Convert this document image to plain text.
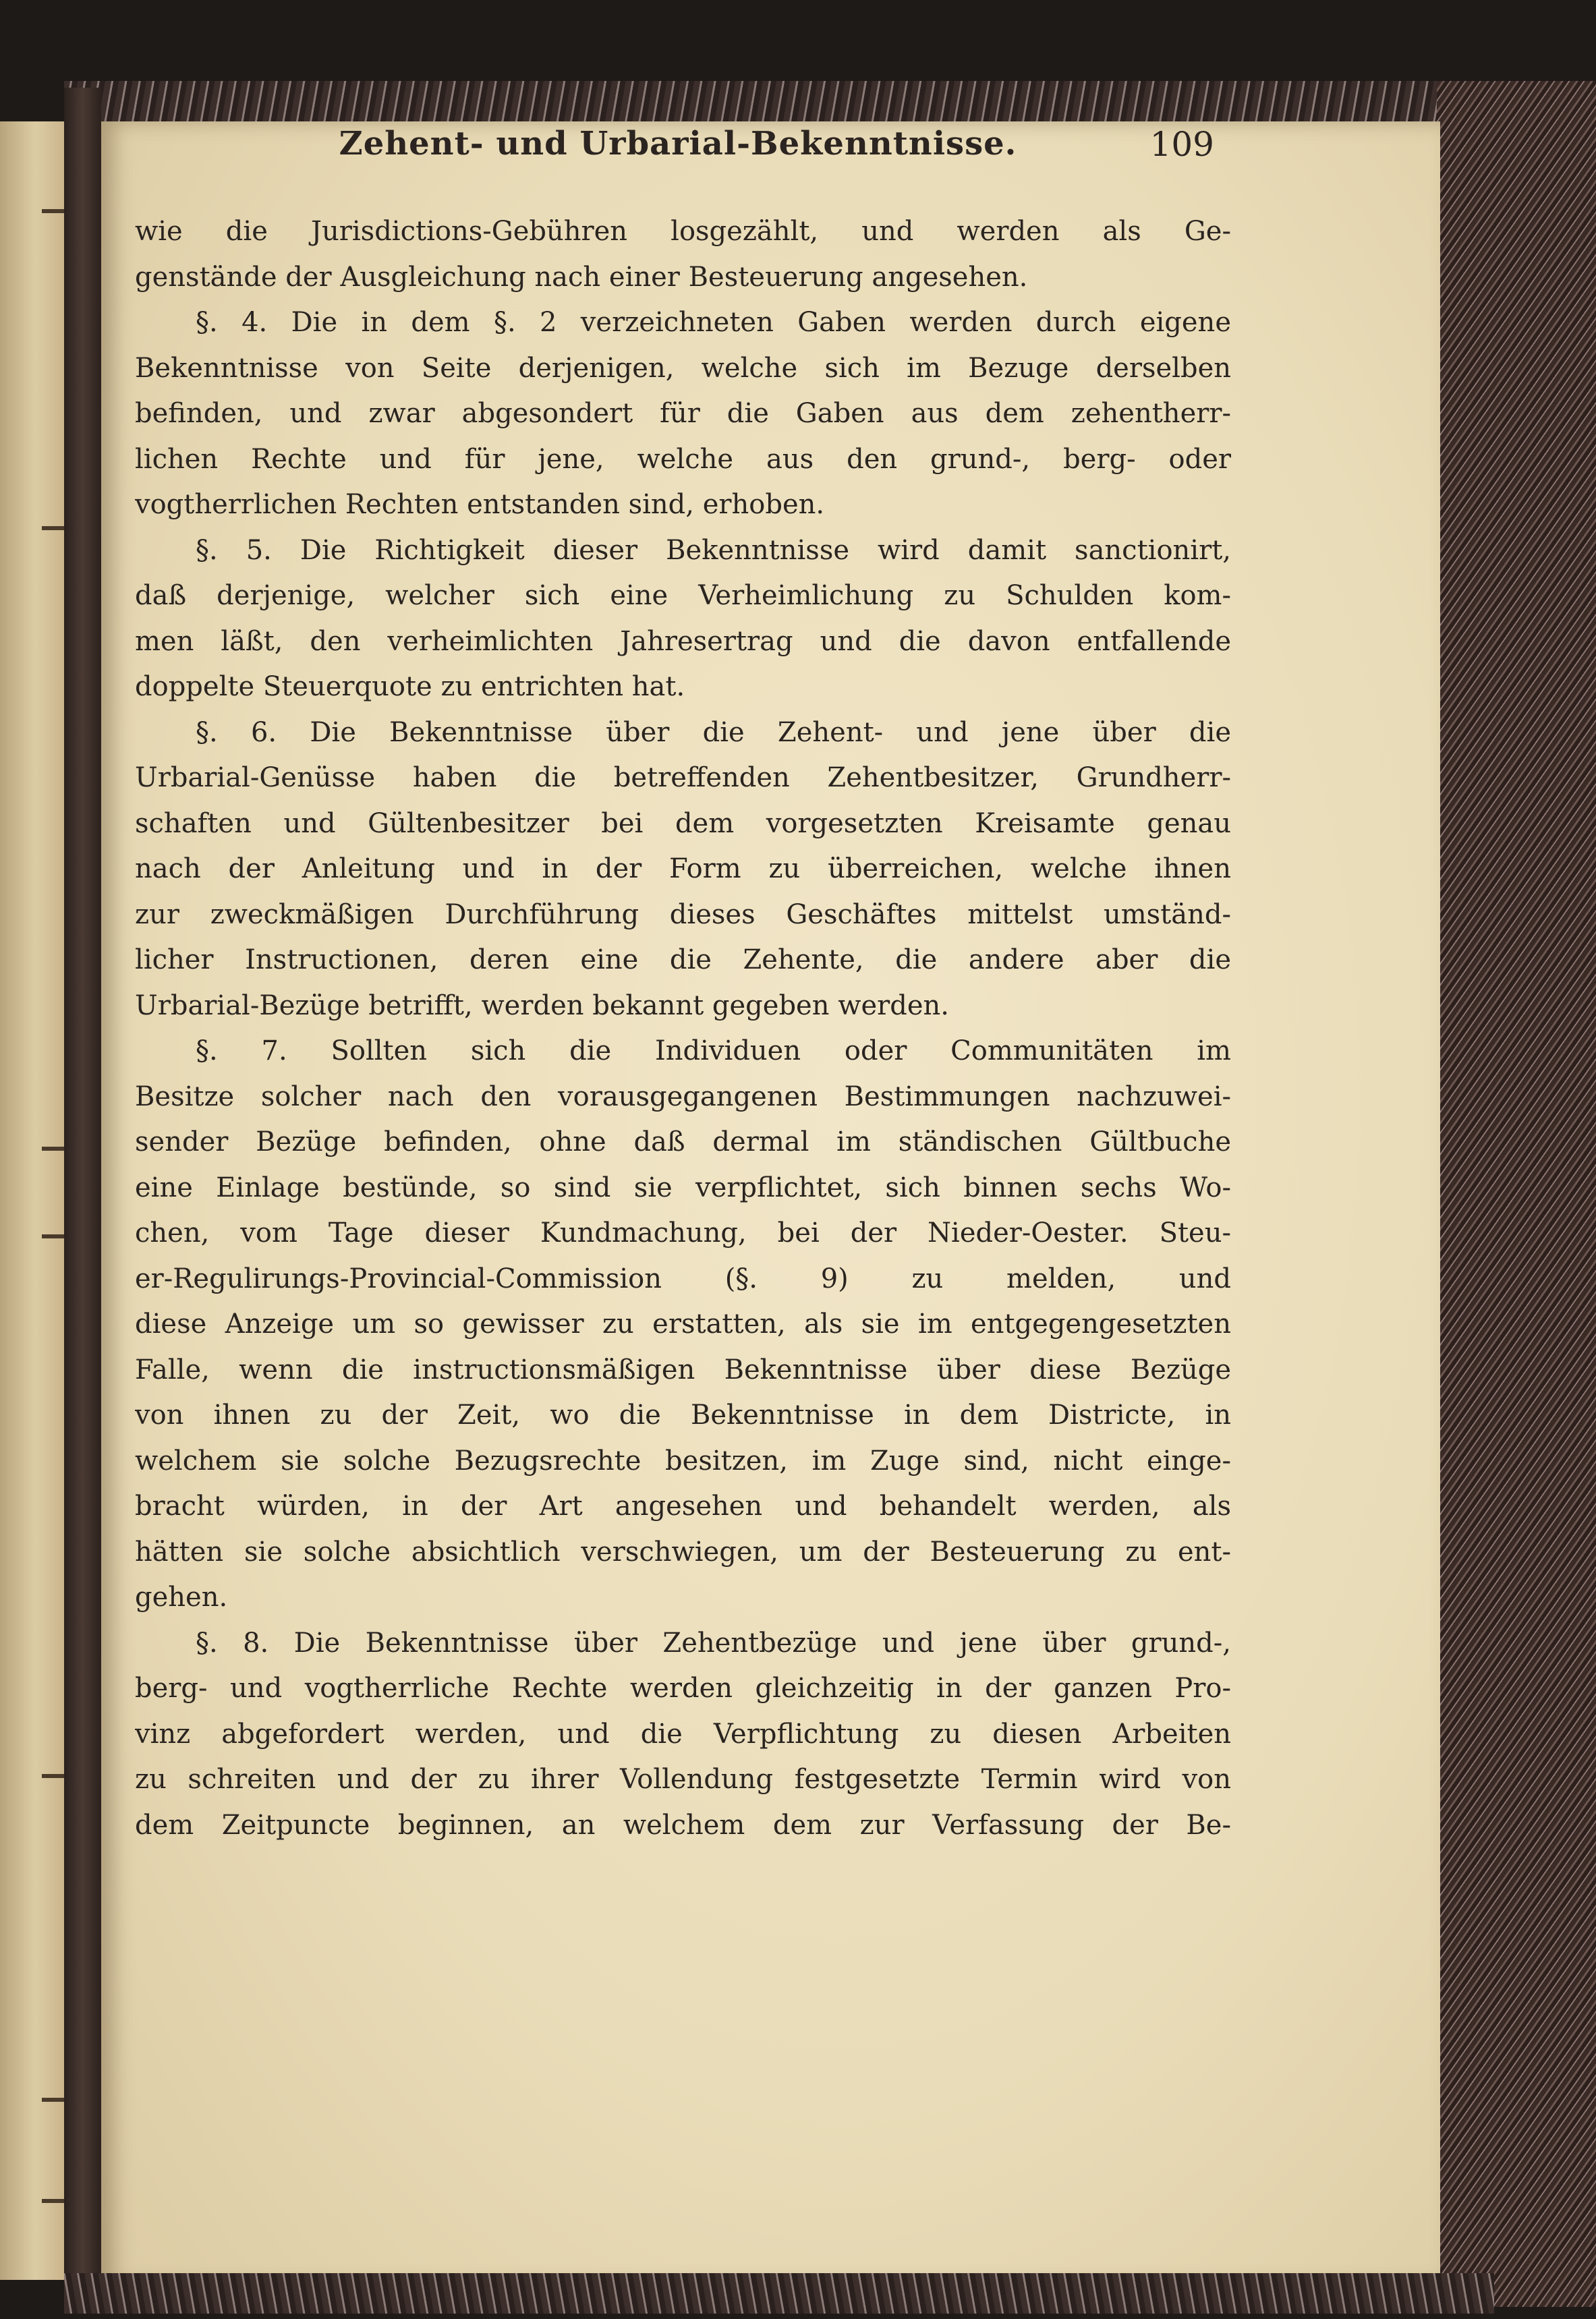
Zehent- und Urbarial-Bekenntnisse.	109
wie die Jurisdictions-Gebühren losgezählt, und werden als Ge-
genstände der Ausgleichung nach einer Besteuerung angesehen.
§. 4. Die in dem §. 2 verzeichneten Gaben werden durch eigene
Bekenntnisse von Seite derjenigen, welche sich im Bezuge derselben
befinden, und zwar abgesondert für die Gaben aus dem zehentherr-
lichen Rechte und für jene, welche aus den grund-, berg- oder
vogtherrlichen Rechten entstanden sind, erhoben.
§. 5. Die Richtigkeit dieser Bekenntnisse wird damit sanctionirt,
daß derjenige, welcher sich eine Verheimlichung zu Schulden kom-
men läßt, den verheimlichten Jahresertrag und die davon entfallende
doppelte Steuerquote zu entrichten hat.
§. 6. Die Bekenntnisse über die Zehent- und jene über die
Urbarial-Genüsse haben die betreffenden Zehentbesitzer, Grundherr-
schaften und Gültenbesitzer bei dem vorgesetzten Kreisamte genau
nach der Anleitung und in der Form zu überreichen, welche ihnen
zur zweckmäßigen Durchführung dieses Geschäftes mittelst umständ-
licher Instructionen, deren eine die Zehente, die andere aber die
Urbarial-Bezüge betrifft, werden bekannt gegeben werden.
§. 7. Sollten sich die Individuen oder Communitäten im
Besitze solcher nach den vorausgegangenen Bestimmungen nachzuwei-
sender Bezüge befinden, ohne daß dermal im ständischen Gültbuche
eine Einlage bestünde, so sind sie verpflichtet, sich binnen sechs Wo-
chen, vom Tage dieser Kundmachung, bei der Nieder-Oester. Steu-
er-Regulirungs-Provincial-Commission (§. 9) zu melden, und
diese Anzeige um so gewisser zu erstatten, als sie im entgegengesetzten
Falle, wenn die instructionsmäßigen Bekenntnisse über diese Bezüge
von ihnen zu der Zeit, wo die Bekenntnisse in dem Districte, in
welchem sie solche Bezugsrechte besitzen, im Zuge sind, nicht einge-
bracht würden, in der Art angesehen und behandelt werden, als
hätten sie solche absichtlich verschwiegen, um der Besteuerung zu ent-
gehen.
§. 8. Die Bekenntnisse über Zehentbezüge und jene über grund-,
berg- und vogtherrliche Rechte werden gleichzeitig in der ganzen Pro-
vinz abgefordert werden, und die Verpflichtung zu diesen Arbeiten
zu schreiten und der zu ihrer Vollendung festgesetzte Termin wird von
dem Zeitpuncte beginnen, an welchem dem zur Verfassung der Be-
